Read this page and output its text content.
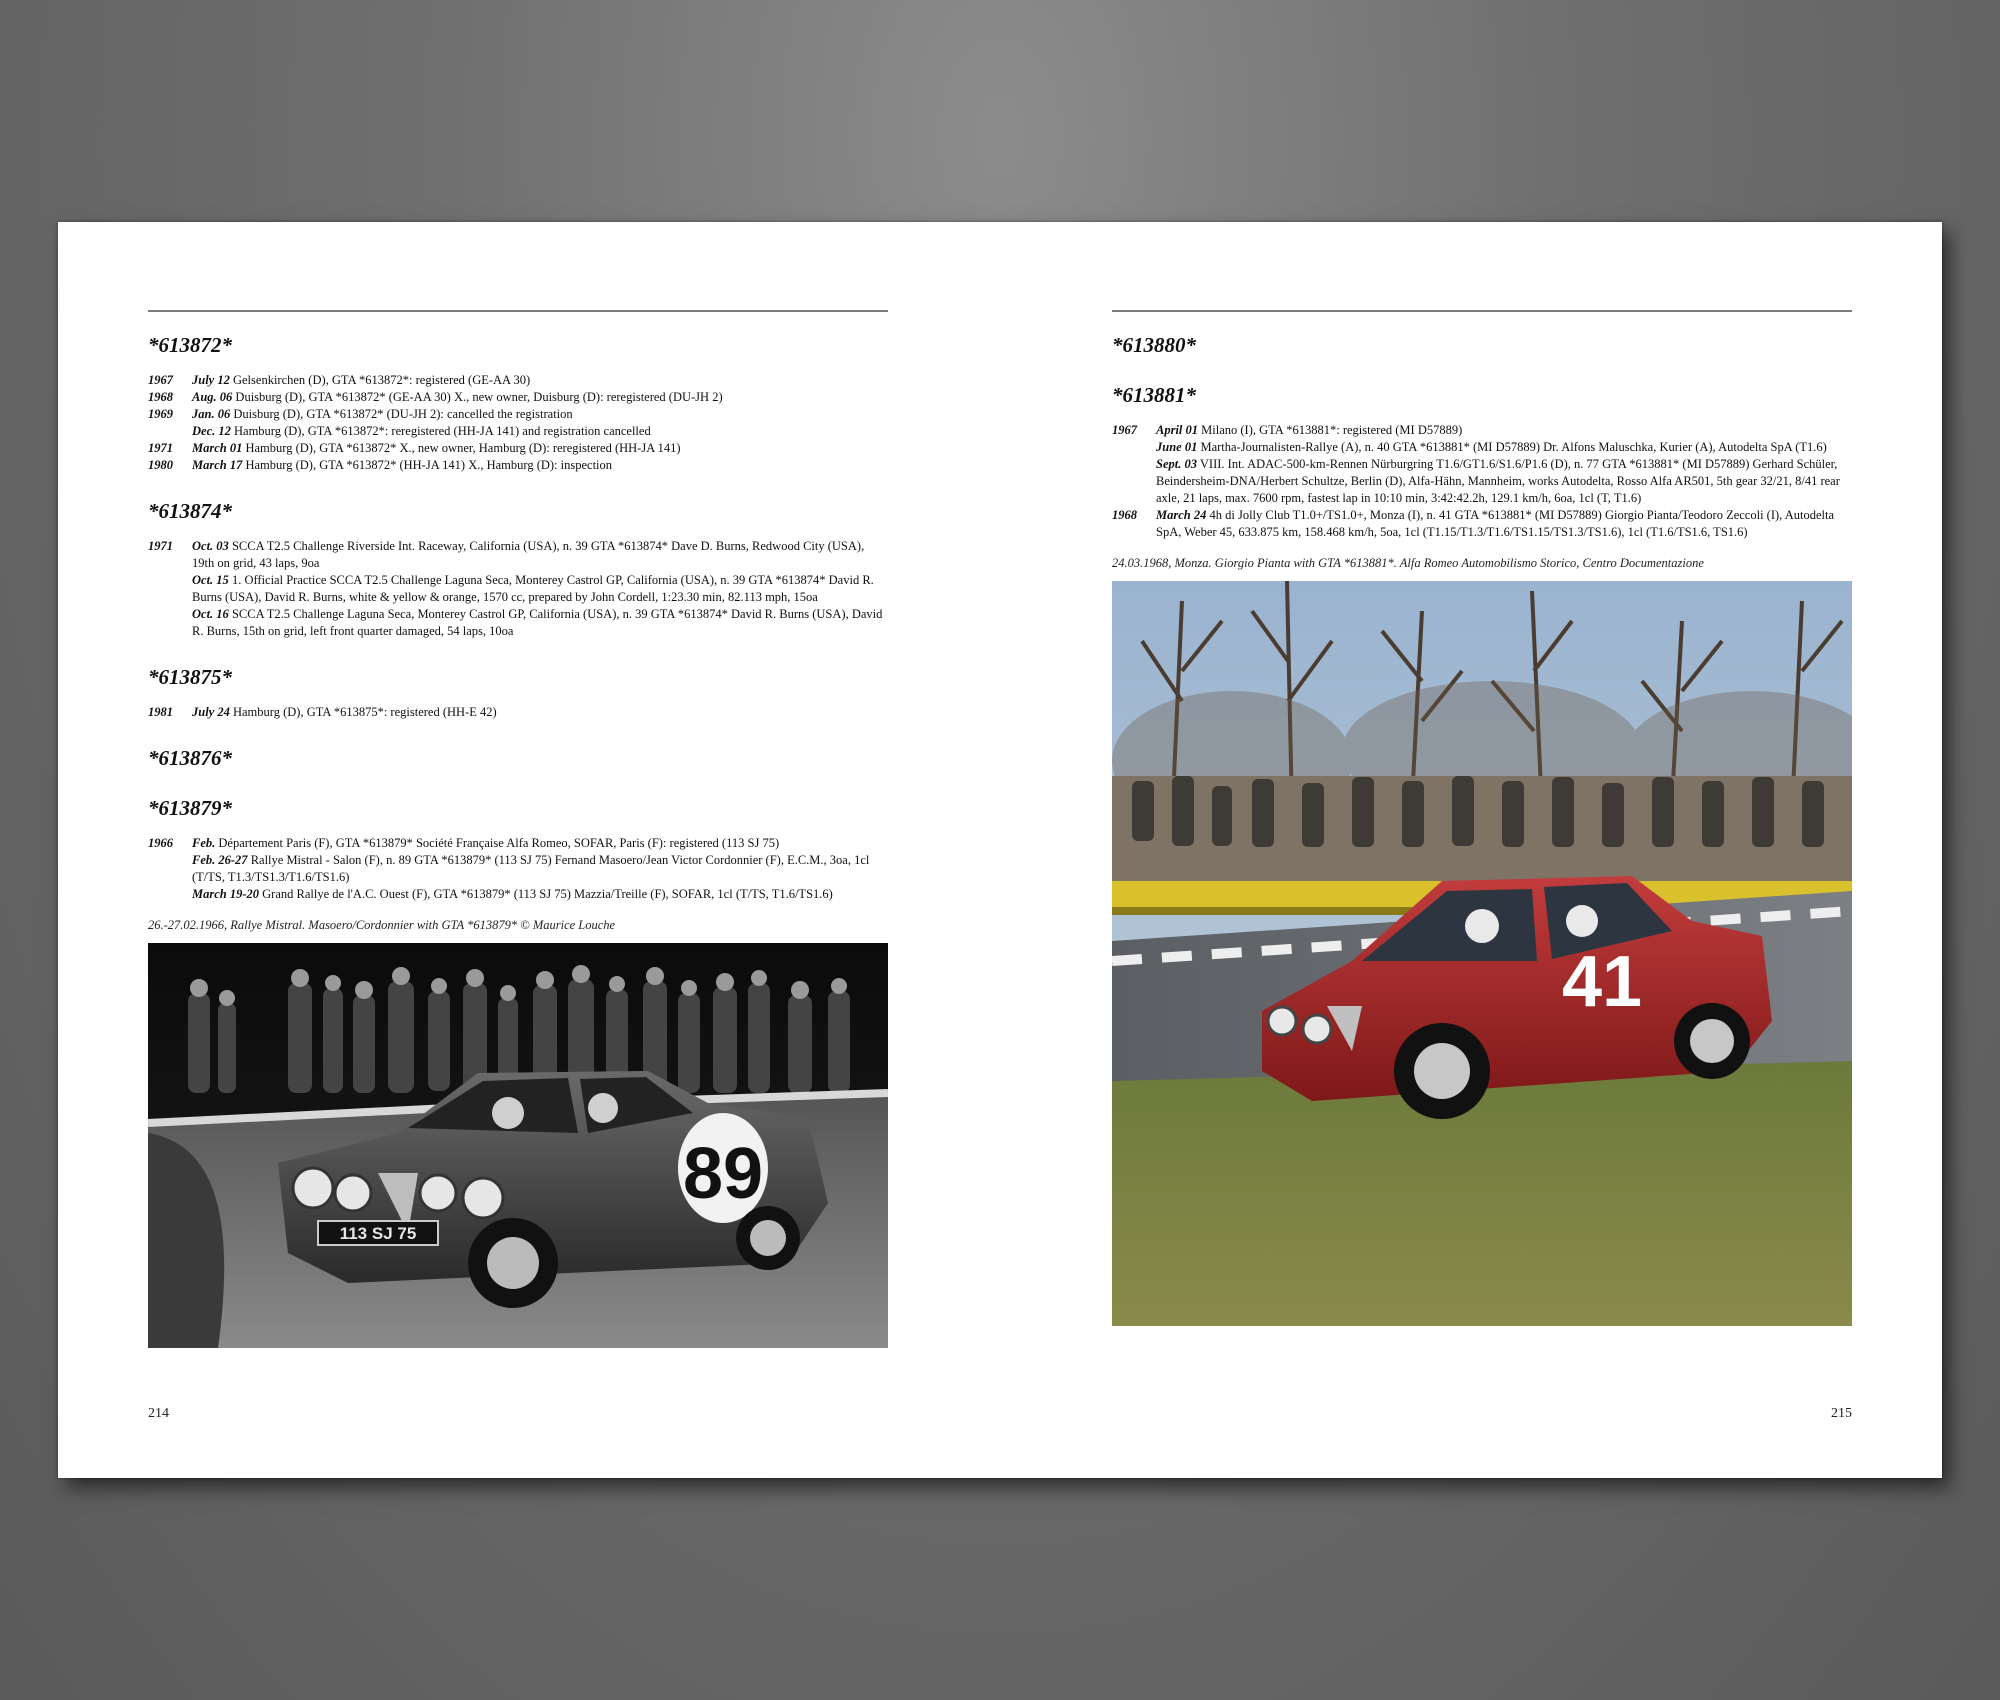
*613872*
1967 July 12 Gelsenkirchen (D), GTA *613872*: registered (GE-AA 30)
1968 Aug. 06 Duisburg (D), GTA *613872* (GE-AA 30) X., new owner, Duisburg (D): reregistered (DU-JH 2)
1969 Jan. 06 Duisburg (D), GTA *613872* (DU-JH 2): cancelled the registration
Dec. 12 Hamburg (D), GTA *613872*: reregistered (HH-JA 141) and registration cancelled
1971 March 01 Hamburg (D), GTA *613872* X., new owner, Hamburg (D): reregistered (HH-JA 141)
1980 March 17 Hamburg (D), GTA *613872* (HH-JA 141) X., Hamburg (D): inspection
*613874*
1971 Oct. 03 SCCA T2.5 Challenge Riverside Int. Raceway, California (USA), n. 39 GTA *613874* Dave D. Burns, Redwood City (USA), 19th on grid, 43 laps, 9oa
Oct. 15 1. Official Practice SCCA T2.5 Challenge Laguna Seca, Monterey Castrol GP, California (USA), n. 39 GTA *613874* David R. Burns (USA), David R. Burns, white & yellow & orange, 1570 cc, prepared by John Cordell, 1:23.30 min, 82.113 mph, 15oa
Oct. 16 SCCA T2.5 Challenge Laguna Seca, Monterey Castrol GP, California (USA), n. 39 GTA *613874* David R. Burns (USA), David R. Burns, 15th on grid, left front quarter damaged, 54 laps, 10oa
*613875*
1981 July 24 Hamburg (D), GTA *613875*: registered (HH-E 42)
*613876*
*613879*
1966 Feb. Département Paris (F), GTA *613879* Société Française Alfa Romeo, SOFAR, Paris (F): registered (113 SJ 75)
Feb. 26-27 Rallye Mistral - Salon (F), n. 89 GTA *613879* (113 SJ 75) Fernand Masoero/Jean Victor Cordonnier (F), E.C.M., 3oa, 1cl (T/TS, T1.3/TS1.3/T1.6/TS1.6)
March 19-20 Grand Rallye de l'A.C. Ouest (F), GTA *613879* (113 SJ 75) Mazzia/Treille (F), SOFAR, 1cl (T/TS, T1.6/TS1.6)
26.-27.02.1966, Rallye Mistral. Masoero/Cordonnier with GTA *613879* © Maurice Louche
113 SJ 75
89
214
*613880*
*613881*
1967 April 01 Milano (I), GTA *613881*: registered (MI D57889)
June 01 Martha-Journalisten-Rallye (A), n. 40 GTA *613881* (MI D57889) Dr. Alfons Maluschka, Kurier (A), Autodelta SpA (T1.6)
Sept. 03 VIII. Int. ADAC-500-km-Rennen Nürburgring T1.6/GT1.6/S1.6/P1.6 (D), n. 77 GTA *613881* (MI D57889) Gerhard Schüler, Beindersheim-DNA/Herbert Schultze, Berlin (D), Alfa-Hähn, Mannheim, works Autodelta, Rosso Alfa AR501, 5th gear 32/21, 8/41 rear axle, 21 laps, max. 7600 rpm, fastest lap in 10:10 min, 3:42:42.2h, 129.1 km/h, 6oa, 1cl (T, T1.6)
1968 March 24 4h di Jolly Club T1.0+/TS1.0+, Monza (I), n. 41 GTA *613881* (MI D57889) Giorgio Pianta/Teodoro Zeccoli (I), Autodelta SpA, Weber 45, 633.875 km, 158.468 km/h, 5oa, 1cl (T1.15/T1.3/T1.6/TS1.15/TS1.3/TS1.6), 1cl (T1.6/TS1.6, TS1.6)
24.03.1968, Monza. Giorgio Pianta with GTA *613881*. Alfa Romeo Automobilismo Storico, Centro Documentazione
41
215
